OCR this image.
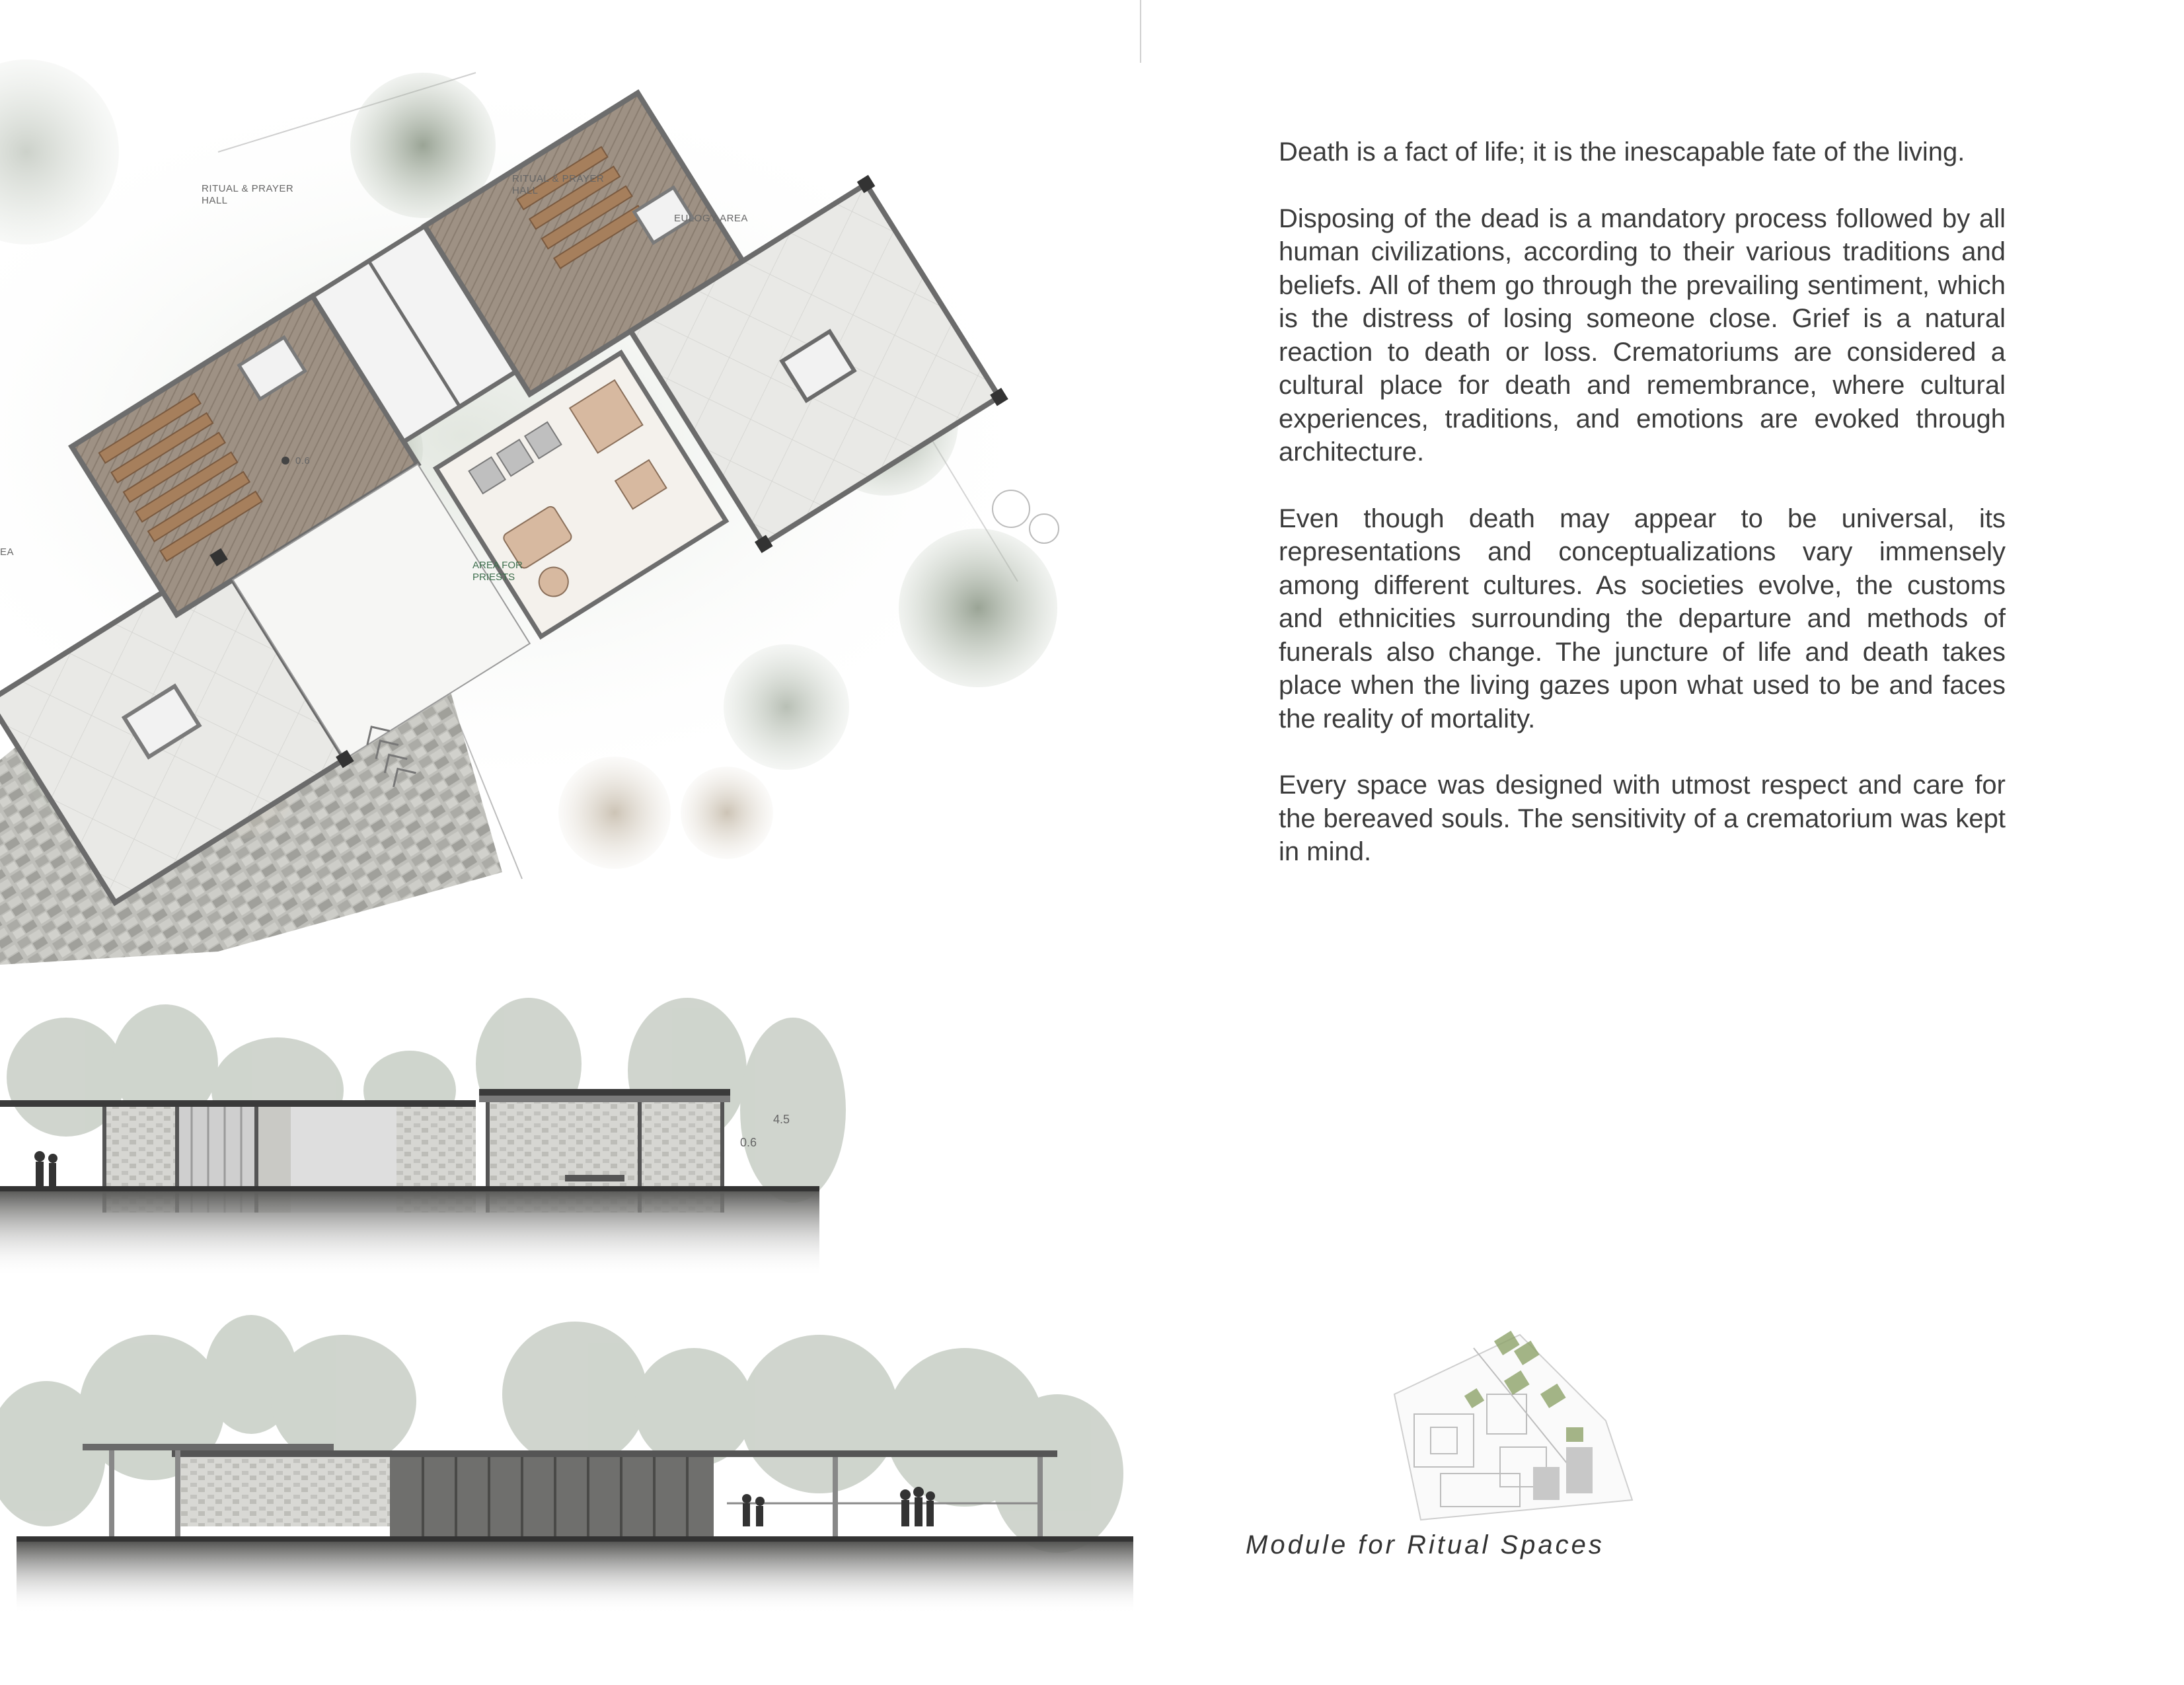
RITUAL & PRAYER
HALL
RITUAL & PRAYER
HALL
EULOGY AREA
AREA FOR
PRIESTS
EA
0.6
0.6
4.5

Death is a fact of life; it is the inescapable fate of the living.

Disposing of the dead is a mandatory process followed by all human civilizations, according to their various traditions and beliefs. All of them go through the prevailing sentiment, which is the distress of losing someone close. Grief is a natural reaction to death or loss. Crematoriums are considered a cultural place for death and remembrance, where cultural experiences, traditions, and emotions are evoked through architecture.

Even though death may appear to be universal, its representations and conceptualizations vary immensely among different cultures. As societies evolve, the customs and ethnicities surrounding the departure and methods of funerals also change. The juncture of life and death takes place when the living gazes upon what used to be and faces the reality of mortality.

Every space was designed with utmost respect and care for the bereaved souls. The sensitivity of a crematorium was kept in mind.

Module for Ritual Spaces
